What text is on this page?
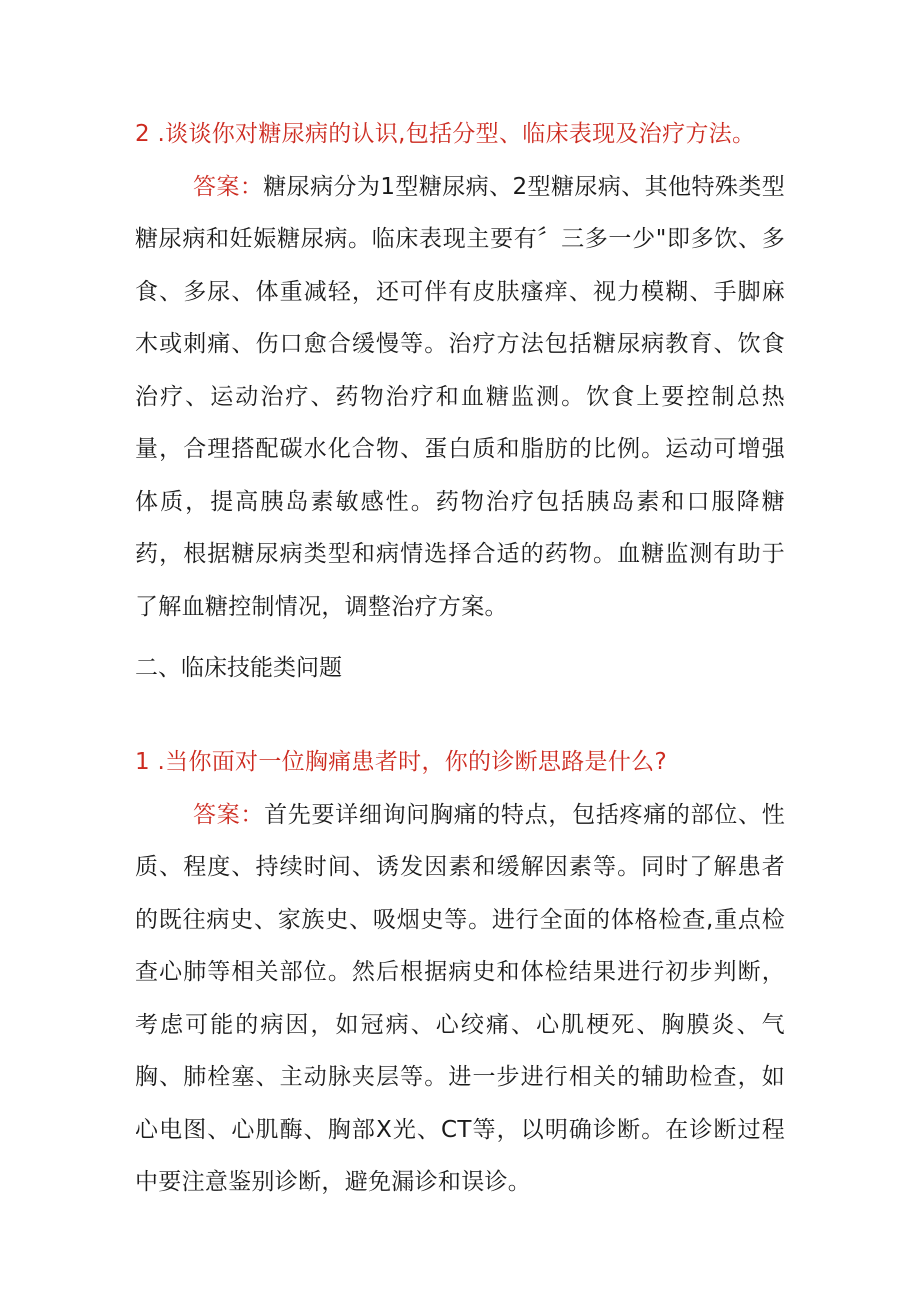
2 .谈谈你对糖尿病的认识,包括分型、临床表现及治疗方法。

答案：糖尿病分为1型糖尿病、2型糖尿病、其他特殊类型糖尿病和妊娠糖尿病。临床表现主要有〞三多一少"即多饮、多食、多尿、体重减轻，还可伴有皮肤瘙痒、视力模糊、手脚麻木或刺痛、伤口愈合缓慢等。治疗方法包括糖尿病教育、饮食治疗、运动治疗、药物治疗和血糖监测。饮食上要控制总热量，合理搭配碳水化合物、蛋白质和脂肪的比例。运动可增强体质，提高胰岛素敏感性。药物治疗包括胰岛素和口服降糖药，根据糖尿病类型和病情选择合适的药物。血糖监测有助于了解血糖控制情况，调整治疗方案。

二、临床技能类问题
1 .当你面对一位胸痛患者时，你的诊断思路是什么?

答案：首先要详细询问胸痛的特点，包括疼痛的部位、性质、程度、持续时间、诱发因素和缓解因素等。同时了解患者的既往病史、家族史、吸烟史等。进行全面的体格检查,重点检查心肺等相关部位。然后根据病史和体检结果进行初步判断，考虑可能的病因，如冠病、心绞痛、心肌梗死、胸膜炎、气胸、肺栓塞、主动脉夹层等。进一步进行相关的辅助检查，如心电图、心肌酶、胸部X光、CT等，以明确诊断。在诊断过程中要注意鉴别诊断，避免漏诊和误诊。
